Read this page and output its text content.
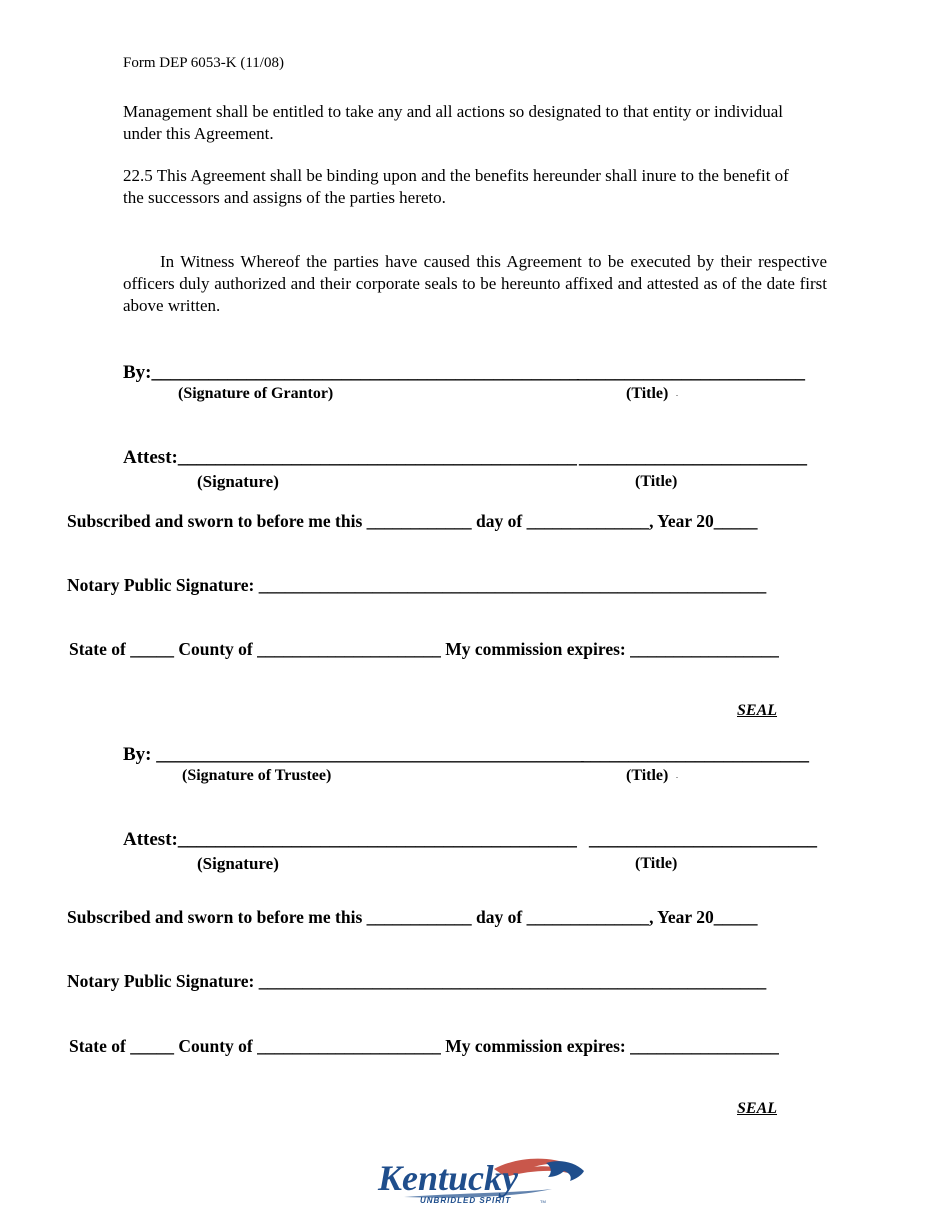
Form DEP 6053-K (11/08)
Management shall be entitled to take any and all actions so designated to that entity or individual under this Agreement.
22.5 This Agreement shall be binding upon and the benefits hereunder shall inure to the benefit of the successors and assigns of the parties hereto.
In Witness Whereof the parties have caused this Agreement to be executed by their respective officers duly authorized and their corporate seals to be hereunto affixed and attested as of the date first above written.
By:_____________________________________________
________________________
(Signature of Grantor)	(Title) -
Attest:__________________________________________ ________________________
(Signature)	(Title)
Subscribed and sworn to before me this ____________ day of ______________, Year 20_____
Notary Public Signature: __________________________________________________________
State of _____ County of _____________________ My commission expires: _________________
SEAL
By: _____________________________________________
________________________
(Signature of Trustee)	(Title) -
Attest:__________________________________________ ________________________
(Signature)	(Title)
Subscribed and sworn to before me this ____________ day of ______________, Year 20_____
Notary Public Signature: __________________________________________________________
State of _____ County of _____________________ My commission expires: _________________
SEAL
Kentucky
UNBRIDLED SPIRIT	TM
